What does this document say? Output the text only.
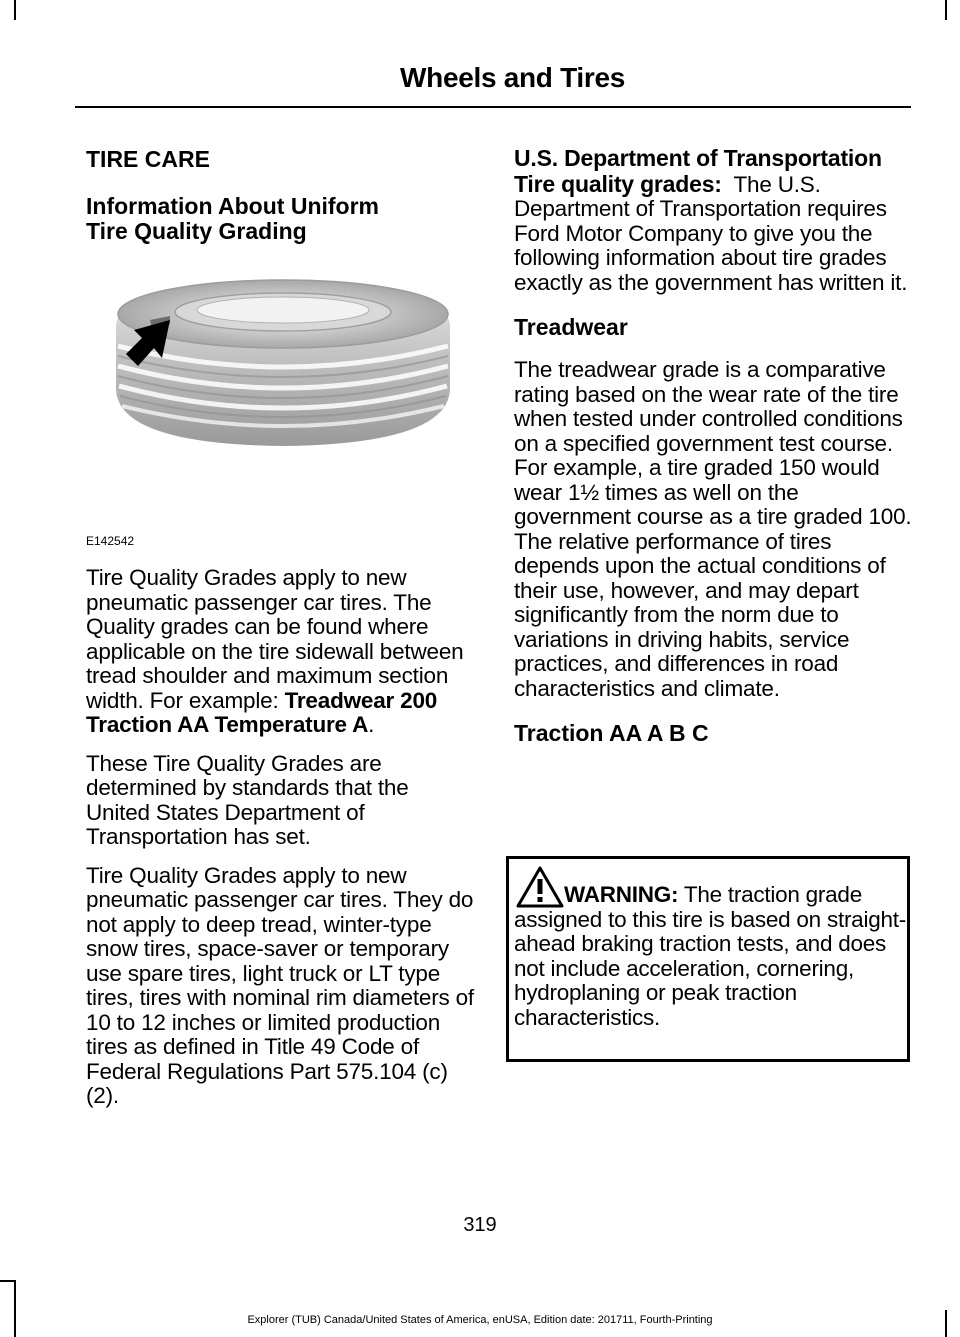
Wheels and Tires
TIRE CARE
Information About Uniform
Tire Quality Grading
E142542

Tire Quality Grades apply to new pneumatic passenger car tires. The Quality grades can be found where applicable on the tire sidewall between tread shoulder and maximum section width. For example: Treadwear 200 Traction AA Temperature A.

These Tire Quality Grades are determined by standards that the United States Department of Transportation has set.

Tire Quality Grades apply to new pneumatic passenger car tires. They do not apply to deep tread, winter-type snow tires, space-saver or temporary use spare tires, light truck or LT type tires, tires with nominal rim diameters of 10 to 12 inches or limited production tires as defined in Title 49 Code of Federal Regulations Part 575.104 (c)(2).

U.S. Department of Transportation Tire quality grades: The U.S. Department of Transportation requires Ford Motor Company to give you the following information about tire grades exactly as the government has written it.

Treadwear

The treadwear grade is a comparative rating based on the wear rate of the tire when tested under controlled conditions on a specified government test course. For example, a tire graded 150 would wear 1½ times as well on the government course as a tire graded 100. The relative performance of tires depends upon the actual conditions of their use, however, and may depart significantly from the norm due to variations in driving habits, service practices, and differences in road characteristics and climate.

Traction AA A B C
WARNING: The traction grade assigned to this tire is based on straight-ahead braking traction tests, and does not include acceleration, cornering, hydroplaning or peak traction characteristics.
319
Explorer (TUB) Canada/United States of America, enUSA, Edition date: 201711, Fourth-Printing
